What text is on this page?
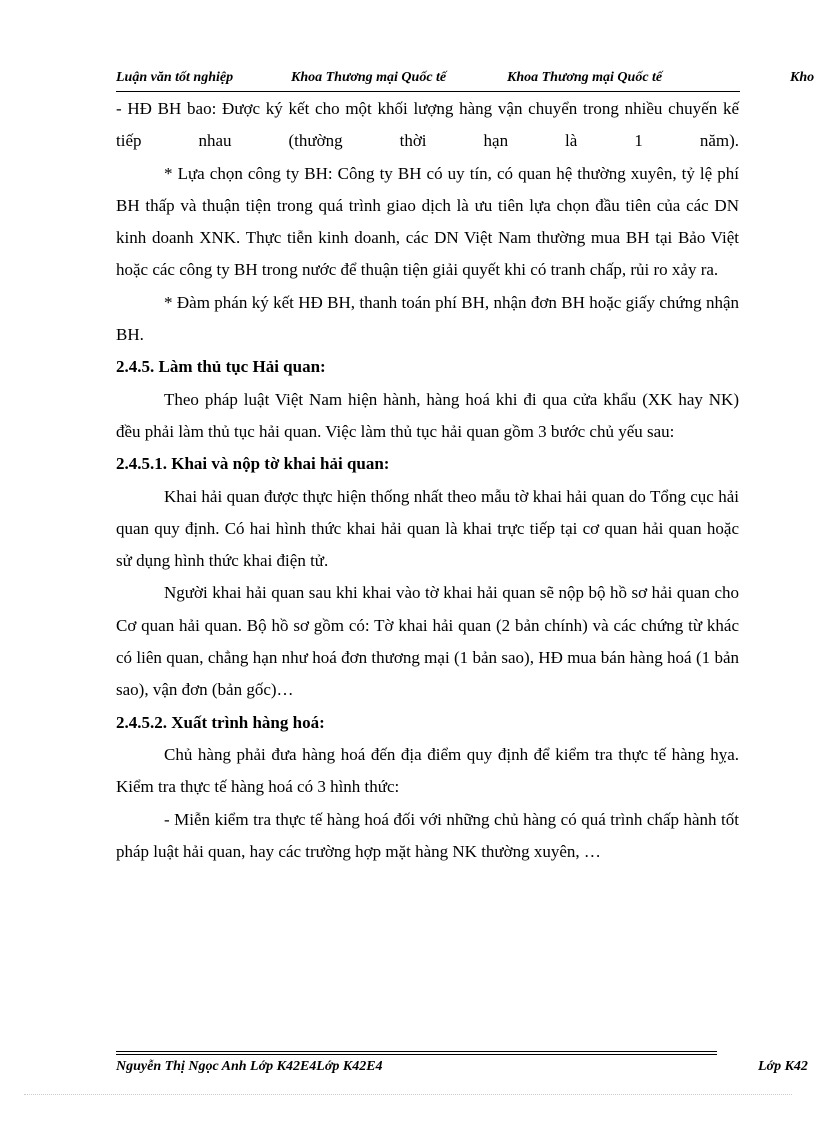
Luận văn tốt nghiệp	Khoa Thương mại Quốc tế	Khoa Thương mại Quốc tế	Kho

- HĐ BH bao: Được ký kết cho một khối lượng hàng vận chuyển trong nhiều chuyến kế tiếp nhau (thường thời hạn là 1 năm).

* Lựa chọn công ty BH: Công ty BH có uy tín, có quan hệ thường xuyên, tỷ lệ phí BH thấp và thuận tiện trong quá trình giao dịch là ưu tiên lựa chọn đầu tiên của các DN kinh doanh XNK. Thực tiễn kinh doanh, các DN Việt Nam thường mua BH tại Bảo Việt hoặc các công ty BH trong nước để thuận tiện giải quyết khi có tranh chấp, rủi ro xảy ra.

* Đàm phán ký kết HĐ BH, thanh toán phí BH, nhận đơn BH hoặc giấy chứng nhận BH.

2.4.5. Làm thủ tục Hải quan:

Theo pháp luật Việt Nam hiện hành, hàng hoá khi đi qua cửa khẩu (XK hay NK) đều phải làm thủ tục hải quan. Việc làm thủ tục hải quan gồm 3 bước chủ yếu sau:

2.4.5.1. Khai và nộp tờ khai hải quan:

Khai hải quan được thực hiện thống nhất theo mẫu tờ khai hải quan do Tổng cục hải quan quy định. Có hai hình thức khai hải quan là khai trực tiếp tại cơ quan hải quan hoặc sử dụng hình thức khai điện tử.

Người khai hải quan sau khi khai vào tờ khai hải quan sẽ nộp bộ hồ sơ hải quan cho Cơ quan hải quan. Bộ hồ sơ gồm có: Tờ khai hải quan (2 bản chính) và các chứng từ khác có liên quan, chẳng hạn như hoá đơn thương mại (1 bản sao), HĐ mua bán hàng hoá (1 bản sao), vận đơn (bản gốc)…

2.4.5.2. Xuất trình hàng hoá:

Chủ hàng phải đưa hàng hoá đến địa điểm quy định để kiểm tra thực tế hàng hỵa. Kiểm tra thực tế hàng hoá có 3 hình thức:

- Miễn kiểm tra thực tế hàng hoá đối với những chủ hàng có quá trình chấp hành tốt pháp luật hải quan, hay các trường hợp mặt hàng NK thường xuyên, …

Nguyễn Thị Ngọc Anh Lớp K42E4Lớp K42E4	Lớp K42
